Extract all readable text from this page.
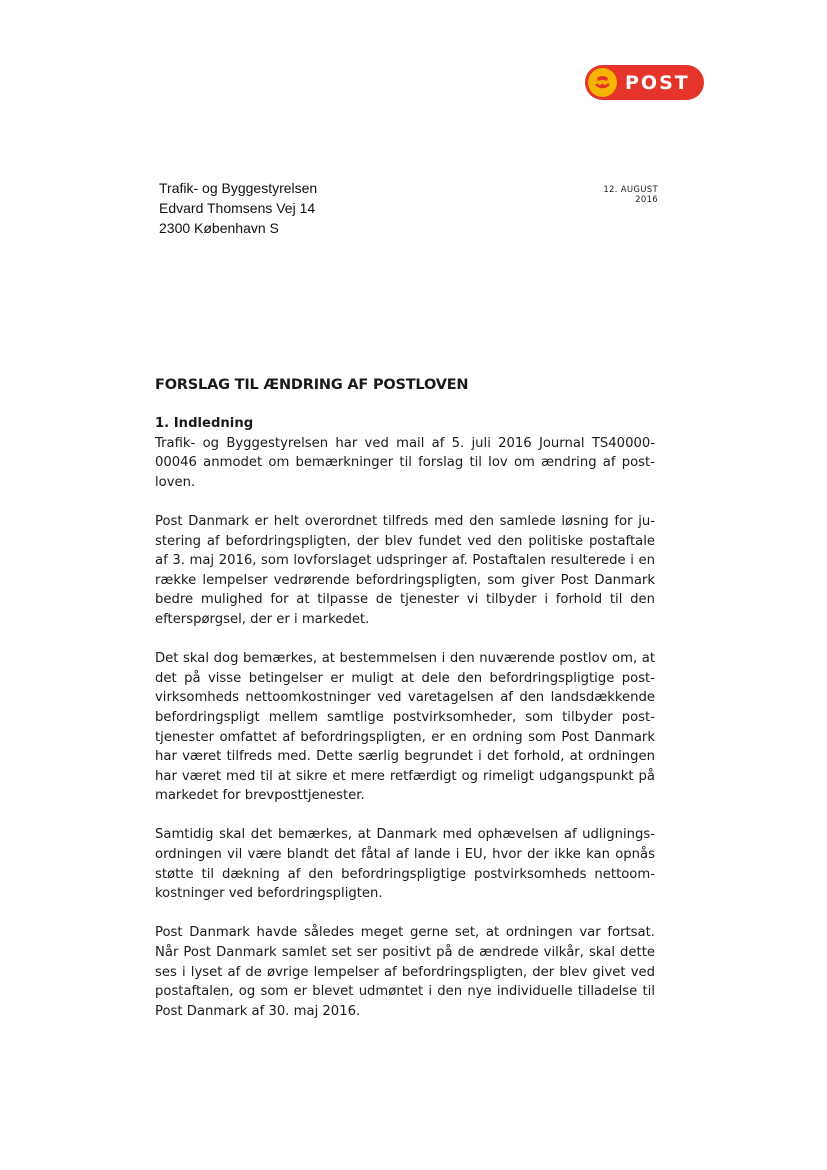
POST
Trafik- og Byggestyrelsen
Edvard Thomsens Vej 14
2300 København S
12. AUGUST 2016
FORSLAG TIL ÆNDRING AF POSTLOVEN

1. Indledning

Trafik- og Byggestyrelsen har ved mail af 5. juli 2016 Journal TS40000-00046 anmodet om bemærkninger til forslag til lov om ændring af postloven.

Post Danmark er helt overordnet tilfreds med den samlede løsning for justering af befordringspligten, der blev fundet ved den politiske postaftale af 3. maj 2016, som lovforslaget udspringer af. Postaftalen resulterede i en række lempelser vedrørende befordringspligten, som giver Post Danmark bedre mulighed for at tilpasse de tjenester vi tilbyder i forhold til den efterspørgsel, der er i markedet.

Det skal dog bemærkes, at bestemmelsen i den nuværende postlov om, at det på visse betingelser er muligt at dele den befordringspligtige postvirksomheds nettoomkostninger ved varetagelsen af den landsdækkende befordringspligt mellem samtlige postvirksomheder, som tilbyder posttjenester omfattet af befordringspligten, er en ordning som Post Danmark har været tilfreds med. Dette særlig begrundet i det forhold, at ordningen har været med til at sikre et mere retfærdigt og rimeligt udgangspunkt på markedet for brevposttjenester.

Samtidig skal det bemærkes, at Danmark med ophævelsen af udligningsordningen vil være blandt det fåtal af lande i EU, hvor der ikke kan opnås støtte til dækning af den befordringspligtige postvirksomheds nettoomkostninger ved befordringspligten.

Post Danmark havde således meget gerne set, at ordningen var fortsat. Når Post Danmark samlet set ser positivt på de ændrede vilkår, skal dette ses i lyset af de øvrige lempelser af befordringspligten, der blev givet ved postaftalen, og som er blevet udmøntet i den nye individuelle tilladelse til Post Danmark af 30. maj 2016.
